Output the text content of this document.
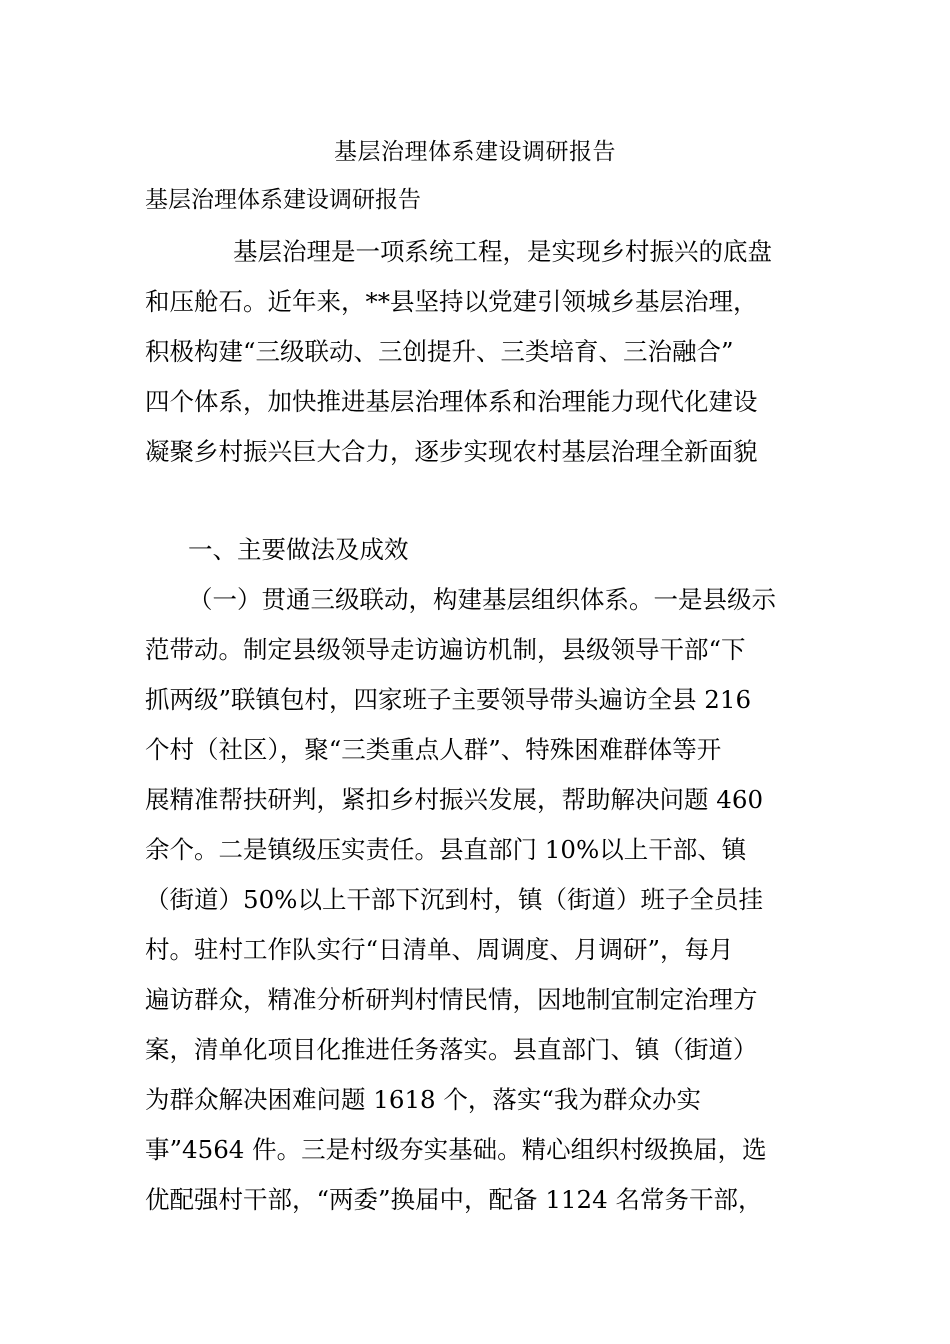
基层治理体系建设调研报告
基层治理体系建设调研报告
基层治理是一项系统工程，是实现乡村振兴的底盘
和压舱石。近年来，**县坚持以党建引领城乡基层治理，
积极构建“三级联动、三创提升、三类培育、三治融合”
四个体系，加快推进基层治理体系和治理能力现代化建设
凝聚乡村振兴巨大合力，逐步实现农村基层治理全新面貌
一、主要做法及成效
（一）贯通三级联动，构建基层组织体系。一是县级示
范带动。制定县级领导走访遍访机制，县级领导干部“下
抓两级”联镇包村，四家班子主要领导带头遍访全县 216
个村（社区），聚“三类重点人群”、特殊困难群体等开
展精准帮扶研判，紧扣乡村振兴发展，帮助解决问题 460
余个。二是镇级压实责任。县直部门 10%以上干部、镇
（街道）50%以上干部下沉到村，镇（街道）班子全员挂
村。驻村工作队实行“日清单、周调度、月调研”，每月
遍访群众，精准分析研判村情民情，因地制宜制定治理方
案，清单化项目化推进任务落实。县直部门、镇（街道）
为群众解决困难问题 1618 个，落实“我为群众办实
事”4564 件。三是村级夯实基础。精心组织村级换届，选
优配强村干部，“两委”换届中，配备 1124 名常务干部，
